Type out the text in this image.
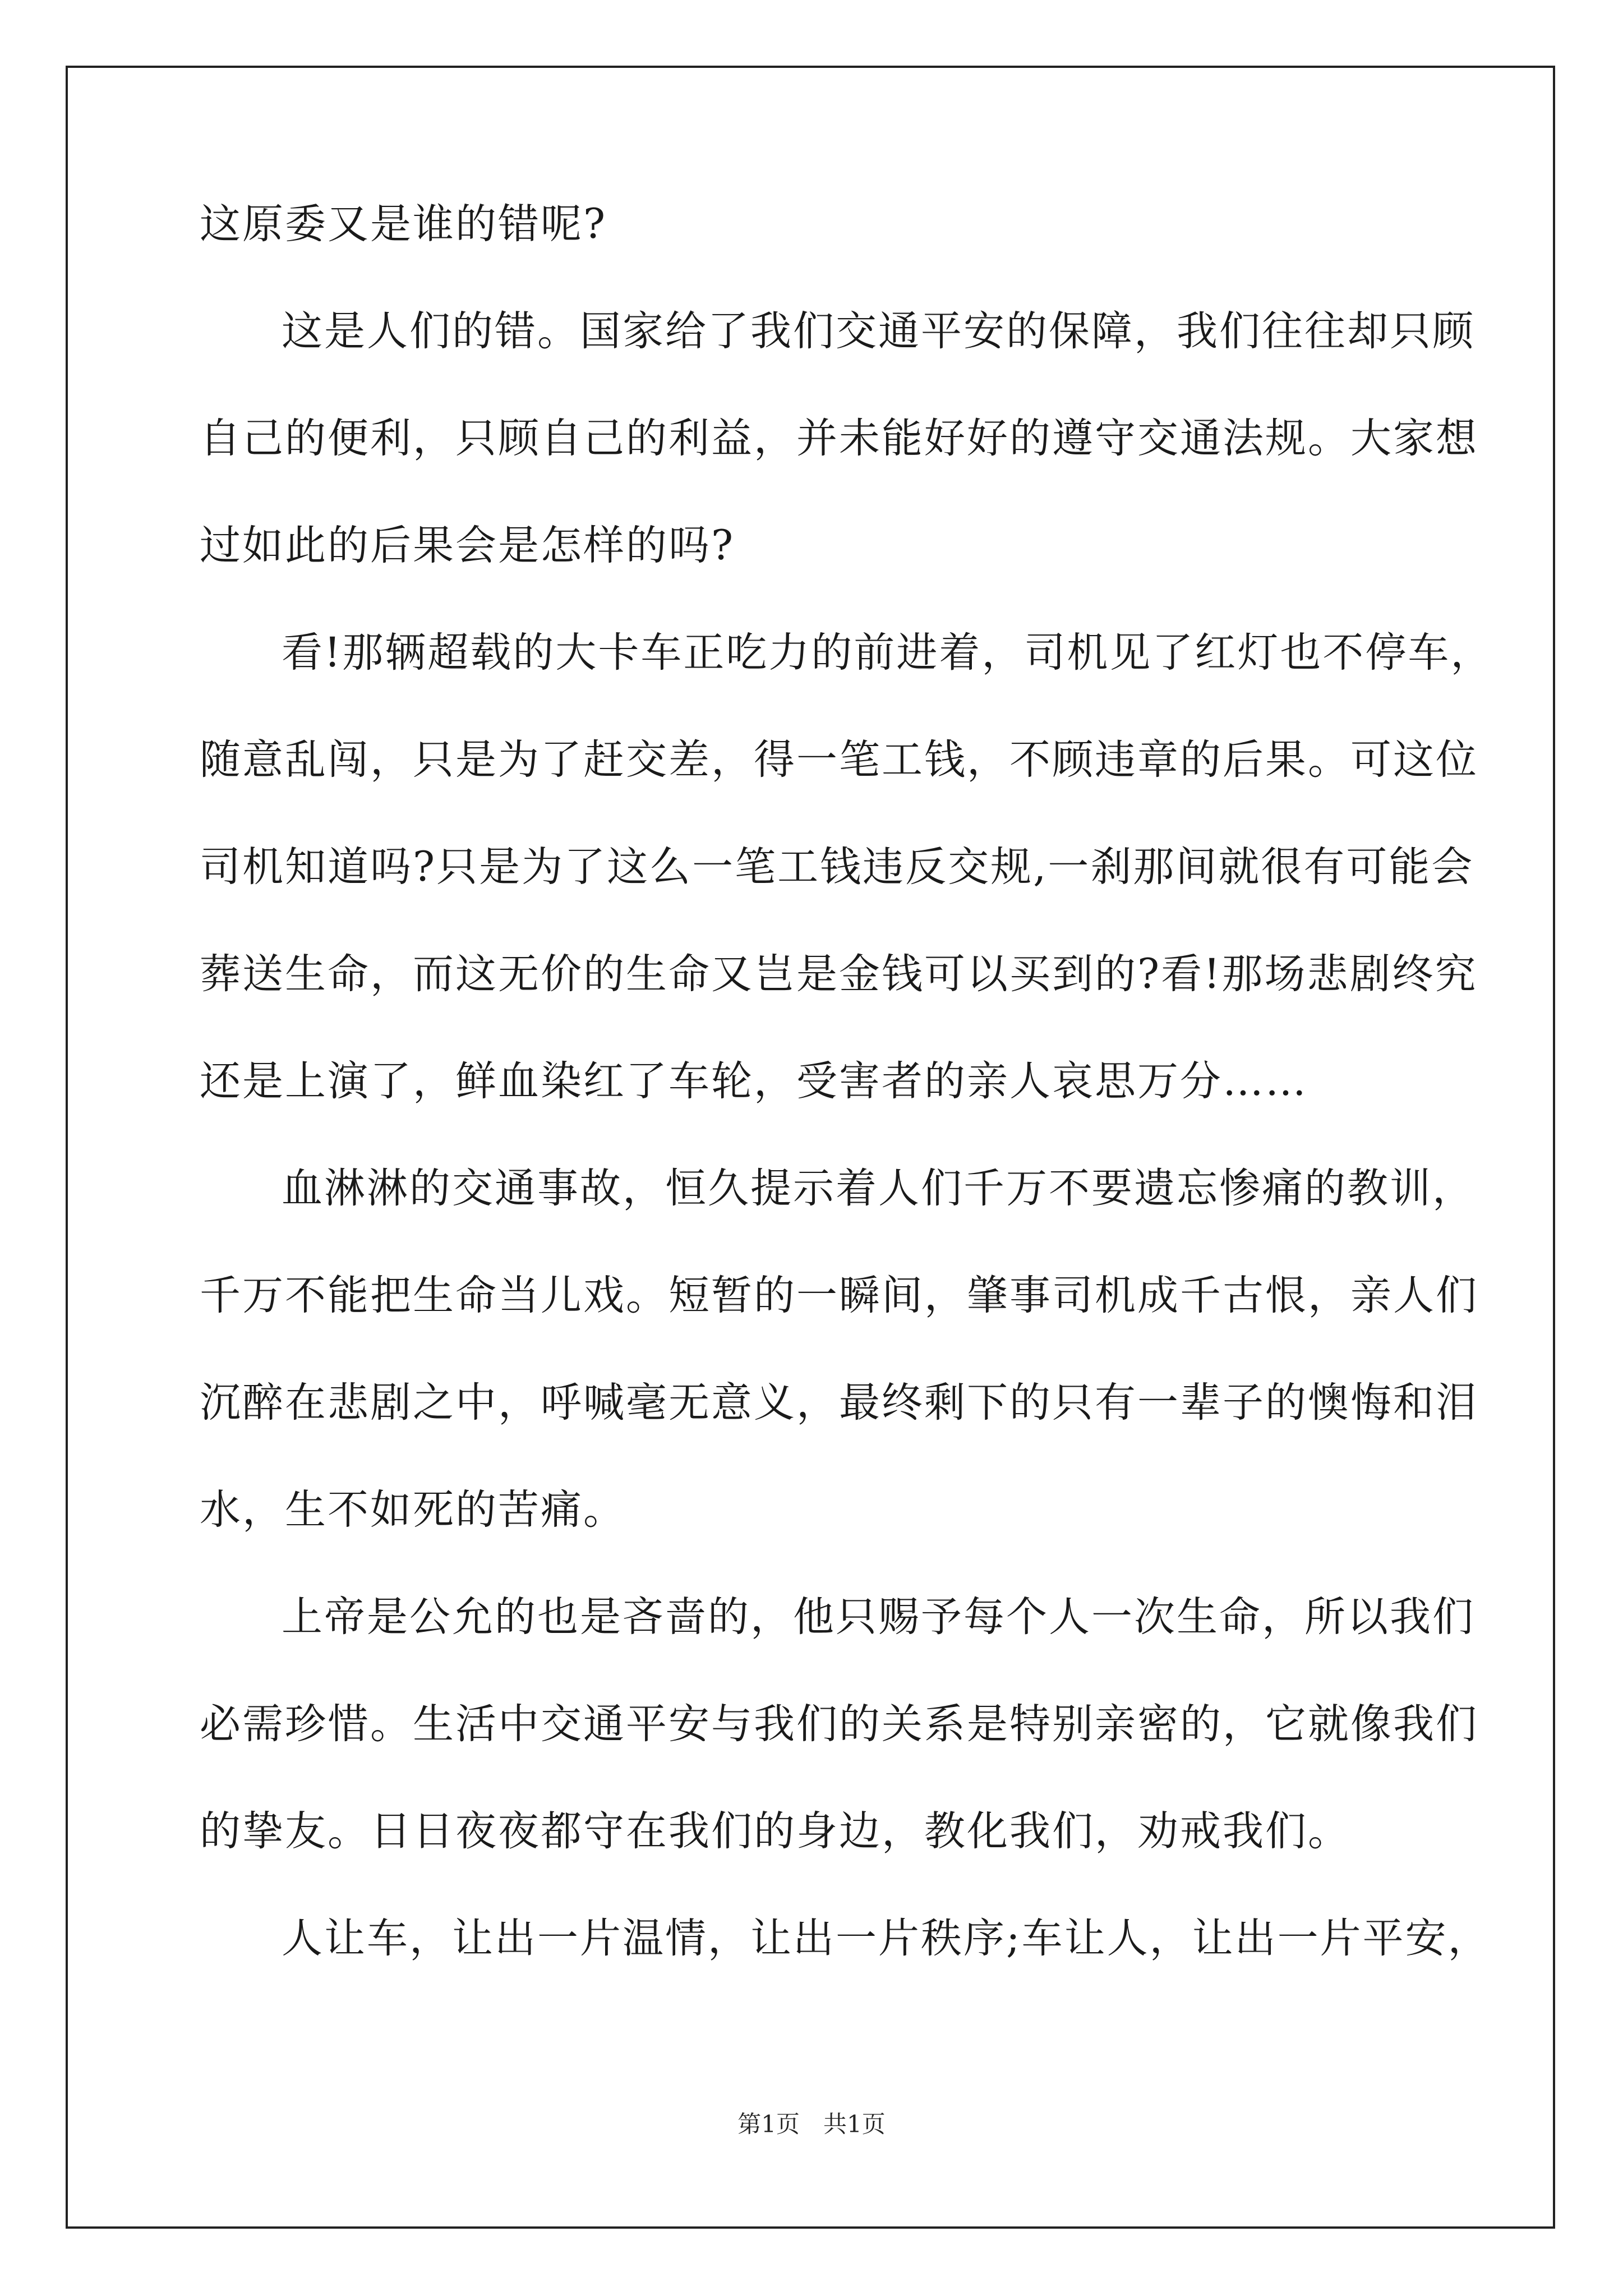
这原委又是谁的错呢?
这是人们的错。国家给了我们交通平安的保障，我们往往却只顾
自己的便利，只顾自己的利益，并未能好好的遵守交通法规。大家想
过如此的后果会是怎样的吗?
看!那辆超载的大卡车正吃力的前进着，司机见了红灯也不停车，
随意乱闯，只是为了赶交差，得一笔工钱，不顾违章的后果。可这位
司机知道吗?只是为了这么一笔工钱违反交规,一刹那间就很有可能会
葬送生命，而这无价的生命又岂是金钱可以买到的?看!那场悲剧终究
还是上演了，鲜血染红了车轮，受害者的亲人哀思万分……
血淋淋的交通事故，恒久提示着人们千万不要遗忘惨痛的教训，
千万不能把生命当儿戏。短暂的一瞬间，肇事司机成千古恨，亲人们
沉醉在悲剧之中，呼喊毫无意义，最终剩下的只有一辈子的懊悔和泪
水，生不如死的苦痛。
上帝是公允的也是吝啬的，他只赐予每个人一次生命，所以我们
必需珍惜。生活中交通平安与我们的关系是特别亲密的，它就像我们
的挚友。日日夜夜都守在我们的身边，教化我们，劝戒我们。
人让车，让出一片温情，让出一片秩序;车让人，让出一片平安，
第1页　共1页
